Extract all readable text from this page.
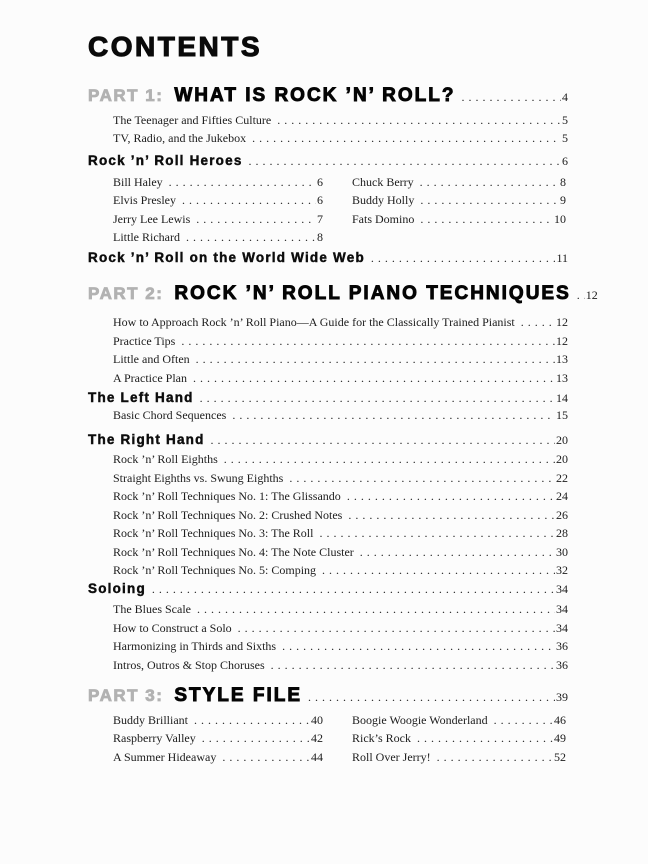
CONTENTS
PART 1: WHAT IS ROCK ’N’ ROLL? .....	4
The Teenager and Fifties Culture .....	5
TV, Radio, and the Jukebox .....	5
Rock ’n’ Roll Heroes .....	6
Bill Haley .....	6
Elvis Presley .....	6
Jerry Lee Lewis .....	7
Little Richard .....	8
Chuck Berry .....	8
Buddy Holly .....	9
Fats Domino .....	10
Rock ’n’ Roll on the World Wide Web .....	11
PART 2: ROCK ’N’ ROLL PIANO TECHNIQUES ..... 12
How to Approach Rock ’n’ Roll Piano—A Guide for the Classically Trained Pianist .....	12
Practice Tips .....	12
Little and Often .....	13
A Practice Plan .....	13
The Left Hand .....	14
Basic Chord Sequences .....	15
The Right Hand .....	20
Rock ’n’ Roll Eighths .....	20
Straight Eighths vs. Swung Eighths .....	22
Rock ’n’ Roll Techniques No. 1: The Glissando .....	24
Rock ’n’ Roll Techniques No. 2: Crushed Notes .....	26
Rock ’n’ Roll Techniques No. 3: The Roll .....	28
Rock ’n’ Roll Techniques No. 4: The Note Cluster .....	30
Rock ’n’ Roll Techniques No. 5: Comping .....	32
Soloing .....	34
The Blues Scale .....	34
How to Construct a Solo .....	34
Harmonizing in Thirds and Sixths .....	36
Intros, Outros & Stop Choruses .....	36
PART 3: STYLE FILE .....	39
Buddy Brilliant .....	40
Raspberry Valley .....	42
A Summer Hideaway .....	44
Boogie Woogie Wonderland .....	46
Rick’s Rock .....	49
Roll Over Jerry! .....	52
